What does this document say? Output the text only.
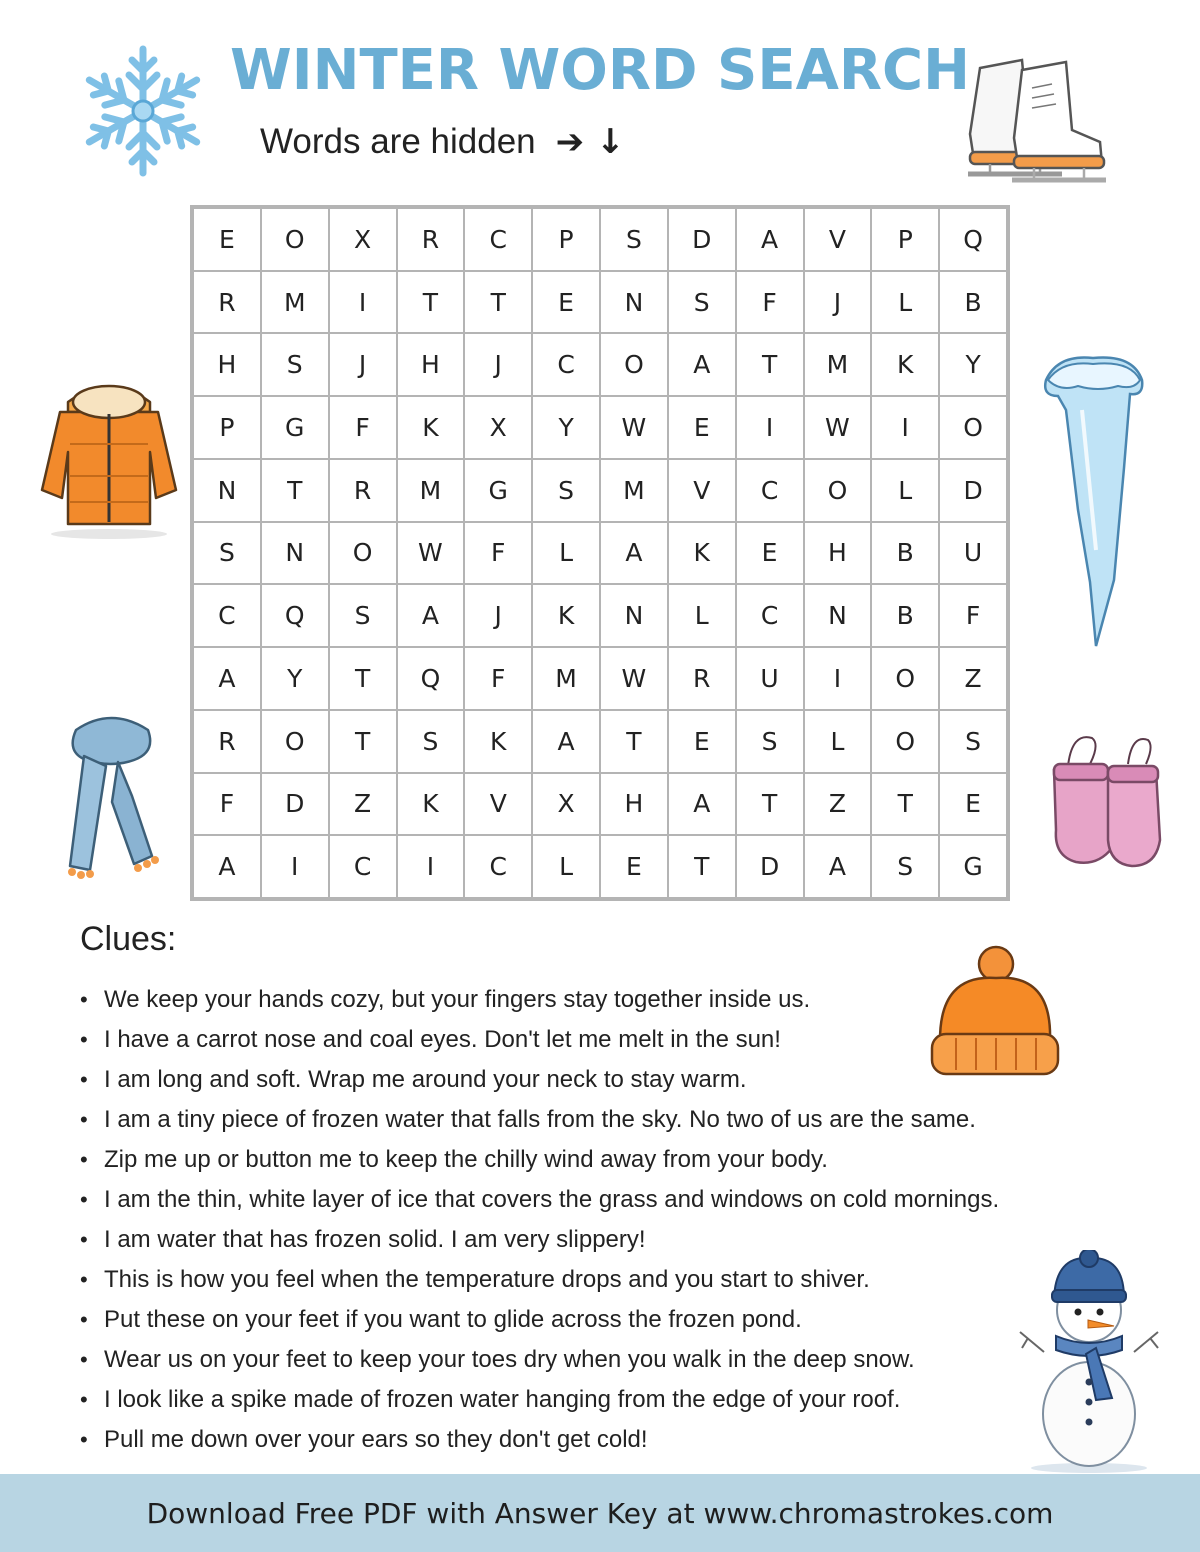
WINTER WORD SEARCH
Words are hidden ➔ ↓
E	O	X	R	C	P	S	D	A	V	P	Q
R	M	I	T	T	E	N	S	F	J	L	B
H	S	J	H	J	C	O	A	T	M	K	Y
P	G	F	K	X	Y	W	E	I	W	I	O
N	T	R	M	G	S	M	V	C	O	L	D
S	N	O	W	F	L	A	K	E	H	B	U
C	Q	S	A	J	K	N	L	C	N	B	F
A	Y	T	Q	F	M	W	R	U	I	O	Z
R	O	T	S	K	A	T	E	S	L	O	S
F	D	Z	K	V	X	H	A	T	Z	T	E
A	I	C	I	C	L	E	T	D	A	S	G
Clues:
• We keep your hands cozy, but your fingers stay together inside us.
• I have a carrot nose and coal eyes. Don't let me melt in the sun!
• I am long and soft. Wrap me around your neck to stay warm.
• I am a tiny piece of frozen water that falls from the sky. No two of us are the same.
• Zip me up or button me to keep the chilly wind away from your body.
• I am the thin, white layer of ice that covers the grass and windows on cold mornings.
• I am water that has frozen solid. I am very slippery!
• This is how you feel when the temperature drops and you start to shiver.
• Put these on your feet if you want to glide across the frozen pond.
• Wear us on your feet to keep your toes dry when you walk in the deep snow.
• I look like a spike made of frozen water hanging from the edge of your roof.
• Pull me down over your ears so they don't get cold!
Download Free PDF with Answer Key at www.chromastrokes.com
